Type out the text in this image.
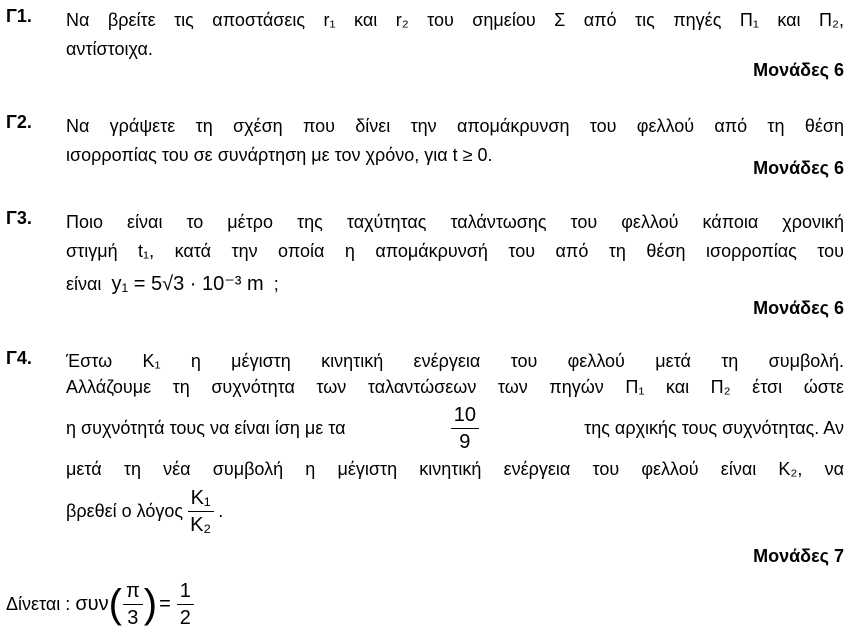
Γ1. Να βρείτε τις αποστάσεις r₁ και r₂ του σημείου Σ από τις πηγές Π₁ και Π₂,
αντίστοιχα.
Μονάδες 6
Γ2. Να γράψετε τη σχέση που δίνει την απομάκρυνση του φελλού από τη θέση
ισορροπίας του σε συνάρτηση με τον χρόνο, για t ≥ 0.
Μονάδες 6
Γ3. Ποιο είναι το μέτρο της ταχύτητας ταλάντωσης του φελλού κάποια χρονική
στιγμή t₁, κατά την οποία η απομάκρυνσή του από τη θέση ισορροπίας του
είναι y₁ = 5√3 · 10⁻³ m ;
Μονάδες 6
Γ4. Έστω Κ₁ η μέγιστη κινητική ενέργεια του φελλού μετά τη συμβολή.
Αλλάζουμε τη συχνότητα των ταλαντώσεων των πηγών Π₁ και Π₂ έτσι ώστε
η συχνότητά τους να είναι ίση με τα	$\frac{10}{9}$	της αρχικής τους συχνότητας. Αν
μετά τη νέα συμβολή η μέγιστη κινητική ενέργεια του φελλού είναι Κ₂, να
βρεθεί ο λόγος $\frac{\text{K₁}}{\text{K₂}}$ .
Μονάδες 7
Δίνεται :
συν ( $\frac{\pi}{3}$ ) = $\frac{1}{2}$
